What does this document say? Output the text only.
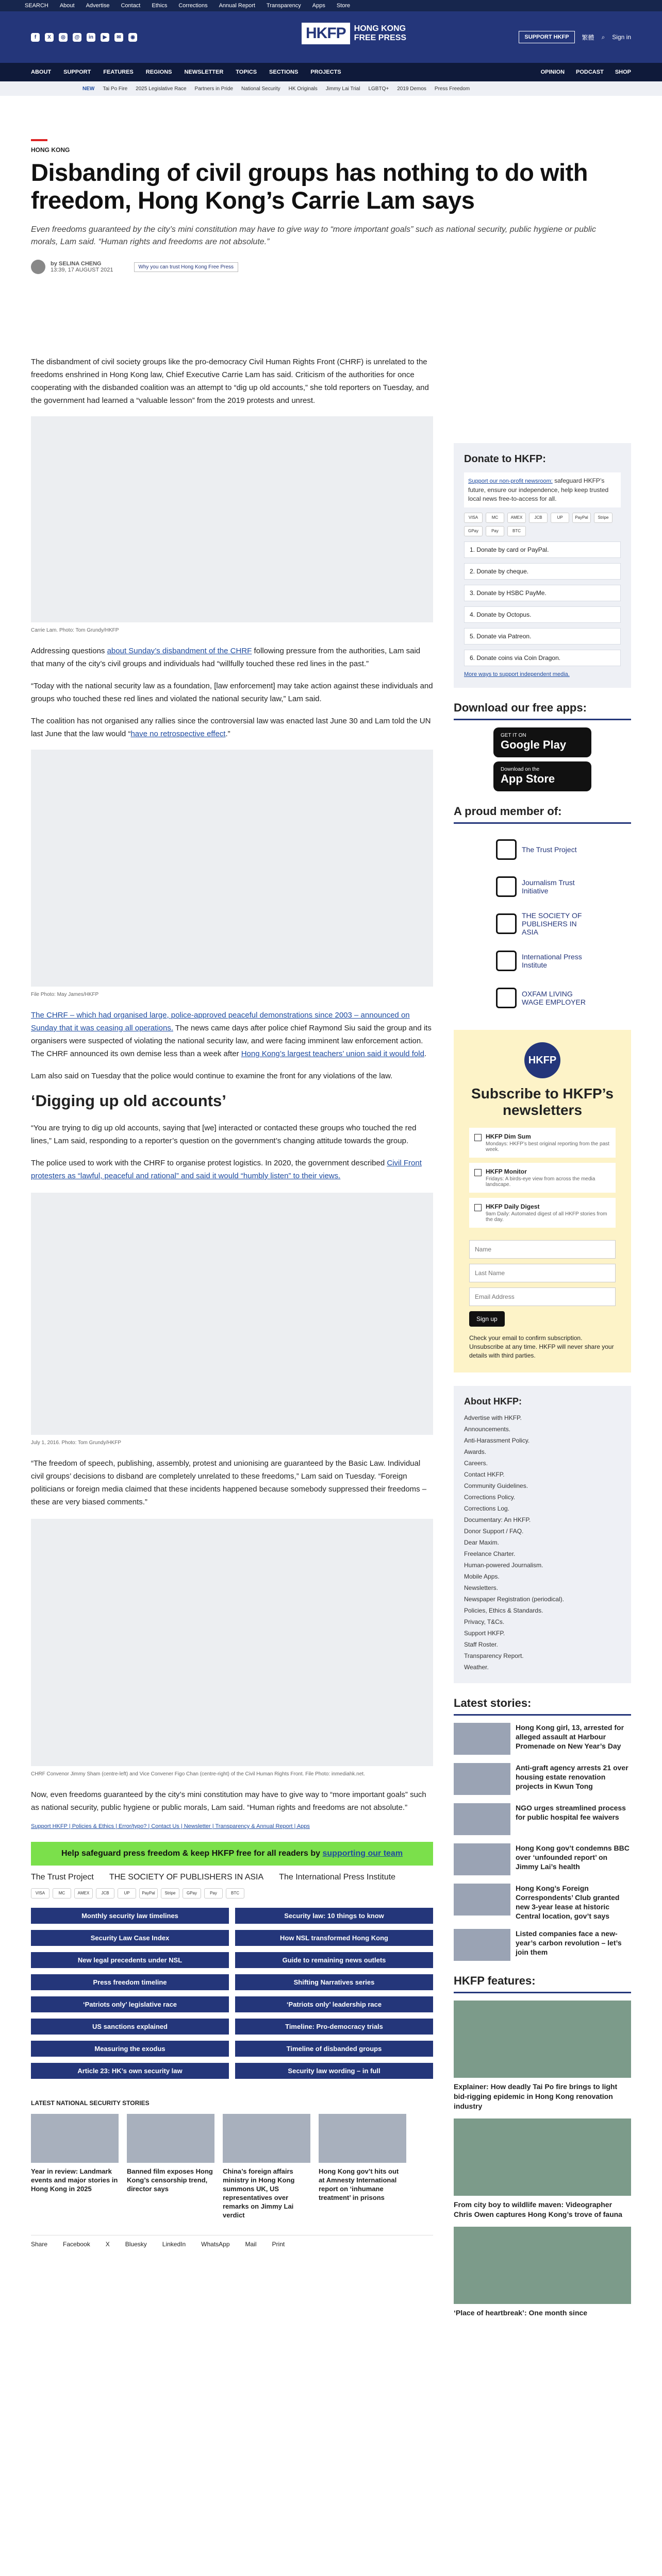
SEARCH About Advertise Contact Ethics Corrections Annual Report Transparency Apps Store
f	X	◎	@	in	▶	✉	◉	HKFP	HONG KONG
FREE PRESS	SUPPORT HKFP	繁體 ⌕ Sign in
ABOUT SUPPORT FEATURES REGIONS NEWSLETTER TOPICS SECTIONS PROJECTS	OPINION PODCAST SHOP
NEW Tai Po Fire 2025 Legislative Race Partners in Pride National Security HK Originals Jimmy Lai Trial LGBTQ+ 2019 Demos Press Freedom
HONG KONG
Disbanding of civil groups has nothing to do with freedom, Hong Kong’s Carrie Lam says
Even freedoms guaranteed by the city’s mini constitution may have to give way to “more important goals” such as national security, public hygiene or public morals, Lam said. “Human rights and freedoms are not absolute.”
by SELINA CHENG
13:39, 17 AUGUST 2021	Why you can trust Hong Kong Free Press

The disbandment of civil society groups like the pro-democracy Civil Human Rights Front (CHRF) is unrelated to the freedoms enshrined in Hong Kong law, Chief Executive Carrie Lam has said. Criticism of the authorities for once cooperating with the disbanded coalition was an attempt to “dig up old accounts,” she told reporters on Tuesday, and the government had learned a “valuable lesson” from the 2019 protests and unrest.

Carrie Lam. Photo: Tom Grundy/HKFP

Addressing questions about Sunday’s disbandment of the CHRF following pressure from the authorities, Lam said that many of the city’s civil groups and individuals had “willfully touched these red lines in the past.”

“Today with the national security law as a foundation, [law enforcement] may take action against these individuals and groups who touched these red lines and violated the national security law,” Lam said.

The coalition has not organised any rallies since the controversial law was enacted last June 30 and Lam told the UN last June that the law would “have no retrospective effect.”

File Photo: May James/HKFP

The CHRF – which had organised large, police-approved peaceful demonstrations since 2003 – announced on Sunday that it was ceasing all operations. The news came days after police chief Raymond Siu said the group and its organisers were suspected of violating the national security law, and were facing imminent law enforcement action. The CHRF announced its own demise less than a week after Hong Kong’s largest teachers’ union said it would fold.

Lam also said on Tuesday that the police would continue to examine the front for any violations of the law.

‘Digging up old accounts’

“You are trying to dig up old accounts, saying that [we] interacted or contacted these groups who touched the red lines,” Lam said, responding to a reporter’s question on the government’s changing attitude towards the group.

The police used to work with the CHRF to organise protest logistics. In 2020, the government described Civil Front protesters as “lawful, peaceful and rational” and said it would “humbly listen” to their views.

July 1, 2016. Photo: Tom Grundy/HKFP

“The freedom of speech, publishing, assembly, protest and unionising are guaranteed by the Basic Law. Individual civil groups’ decisions to disband are completely unrelated to these freedoms,” Lam said on Tuesday. “Foreign politicians or foreign media claimed that these incidents happened because somebody suppressed their freedoms – these are very biased comments.”

CHRF Convenor Jimmy Sham (centre-left) and Vice Convener Figo Chan (centre-right) of the Civil Human Rights Front. File Photo: inmediahk.net.

Now, even freedoms guaranteed by the city’s mini constitution may have to give way to “more important goals” such as national security, public hygiene or public morals, Lam said. “Human rights and freedoms are not absolute.”

Support HKFP | Policies & Ethics | Error/typo? | Contact Us | Newsletter | Transparency & Annual Report | Apps
Help safeguard press freedom & keep HKFP free for all readers by supporting our team
The Trust Project THE SOCIETY OF PUBLISHERS IN ASIA The International Press Institute
VISA	MC	AMEX	JCB	UP	PayPal	Stripe	GPay	Pay	BTC
Monthly security law timelines	Security law: 10 things to know
Security Law Case Index	How NSL transformed Hong Kong
New legal precedents under NSL	Guide to remaining news outlets
Press freedom timeline	Shifting Narratives series
‘Patriots only’ legislative race	‘Patriots only’ leadership race
US sanctions explained	Timeline: Pro-democracy trials
Measuring the exodus	Timeline of disbanded groups
Article 23: HK’s own security law	Security law wording – in full
LATEST NATIONAL SECURITY STORIES
Year in review: Landmark events and major stories in Hong Kong in 2025
Banned film exposes Hong Kong’s censorship trend, director says
China’s foreign affairs ministry in Hong Kong summons UK, US representatives over remarks on Jimmy Lai verdict
Hong Kong gov’t hits out at Amnesty International report on ‘inhumane treatment’ in prisons
Share	Facebook	X	Bluesky	LinkedIn	WhatsApp	Mail	Print
Donate to HKFP:
Support our non-profit newsroom: safeguard HKFP’s future, ensure our independence, help keep trusted local news free-to-access for all.
VISA	MC	AMEX	JCB	UP	PayPal	Stripe
GPay	Pay	BTC
1. Donate by card or PayPal.
2. Donate by cheque.
3. Donate by HSBC PayMe.
4. Donate by Octopus.
5. Donate via Patreon.
6. Donate coins via Coin Dragon.
More ways to support independent media.
Download our free apps:
GET IT ON
Google Play
Download on the
App Store
A proud member of:
The Trust Project
Journalism Trust Initiative
THE SOCIETY OF PUBLISHERS IN ASIA
International Press Institute
OXFAM LIVING WAGE EMPLOYER
HKFP
Subscribe to HKFP’s newsletters
HKFP Dim Sum
Mondays: HKFP’s best original reporting from the past week.
HKFP Monitor
Fridays: A birds-eye view from across the media landscape.
HKFP Daily Digest
9am Daily: Automated digest of all HKFP stories from the day.
Name Last Name Email Address Sign up
Check your email to confirm subscription. Unsubscribe at any time. HKFP will never share your details with third parties.
About HKFP:
Advertise with HKFP.
Announcements.
Anti-Harassment Policy.
Awards.
Careers.
Contact HKFP.
Community Guidelines.
Corrections Policy.
Corrections Log.
Documentary: An HKFP.
Donor Support / FAQ.
Dear Maxim.
Freelance Charter.
Human-powered Journalism.
Mobile Apps.
Newsletters.
Newspaper Registration (periodical).
Policies, Ethics & Standards.
Privacy, T&Cs.
Support HKFP.
Staff Roster.
Transparency Report.
Weather.
Latest stories:
Hong Kong girl, 13, arrested for alleged assault at Harbour Promenade on New Year’s Day
Anti-graft agency arrests 21 over housing estate renovation projects in Kwun Tong
NGO urges streamlined process for public hospital fee waivers
Hong Kong gov’t condemns BBC over ‘unfounded report’ on Jimmy Lai’s health
Hong Kong’s Foreign Correspondents’ Club granted new 3-year lease at historic Central location, gov’t says
Listed companies face a new-year’s carbon revolution – let’s join them
HKFP features:
Explainer: How deadly Tai Po fire brings to light bid-rigging epidemic in Hong Kong renovation industry
From city boy to wildlife maven: Videographer Chris Owen captures Hong Kong’s trove of fauna
‘Place of heartbreak’: One month since
